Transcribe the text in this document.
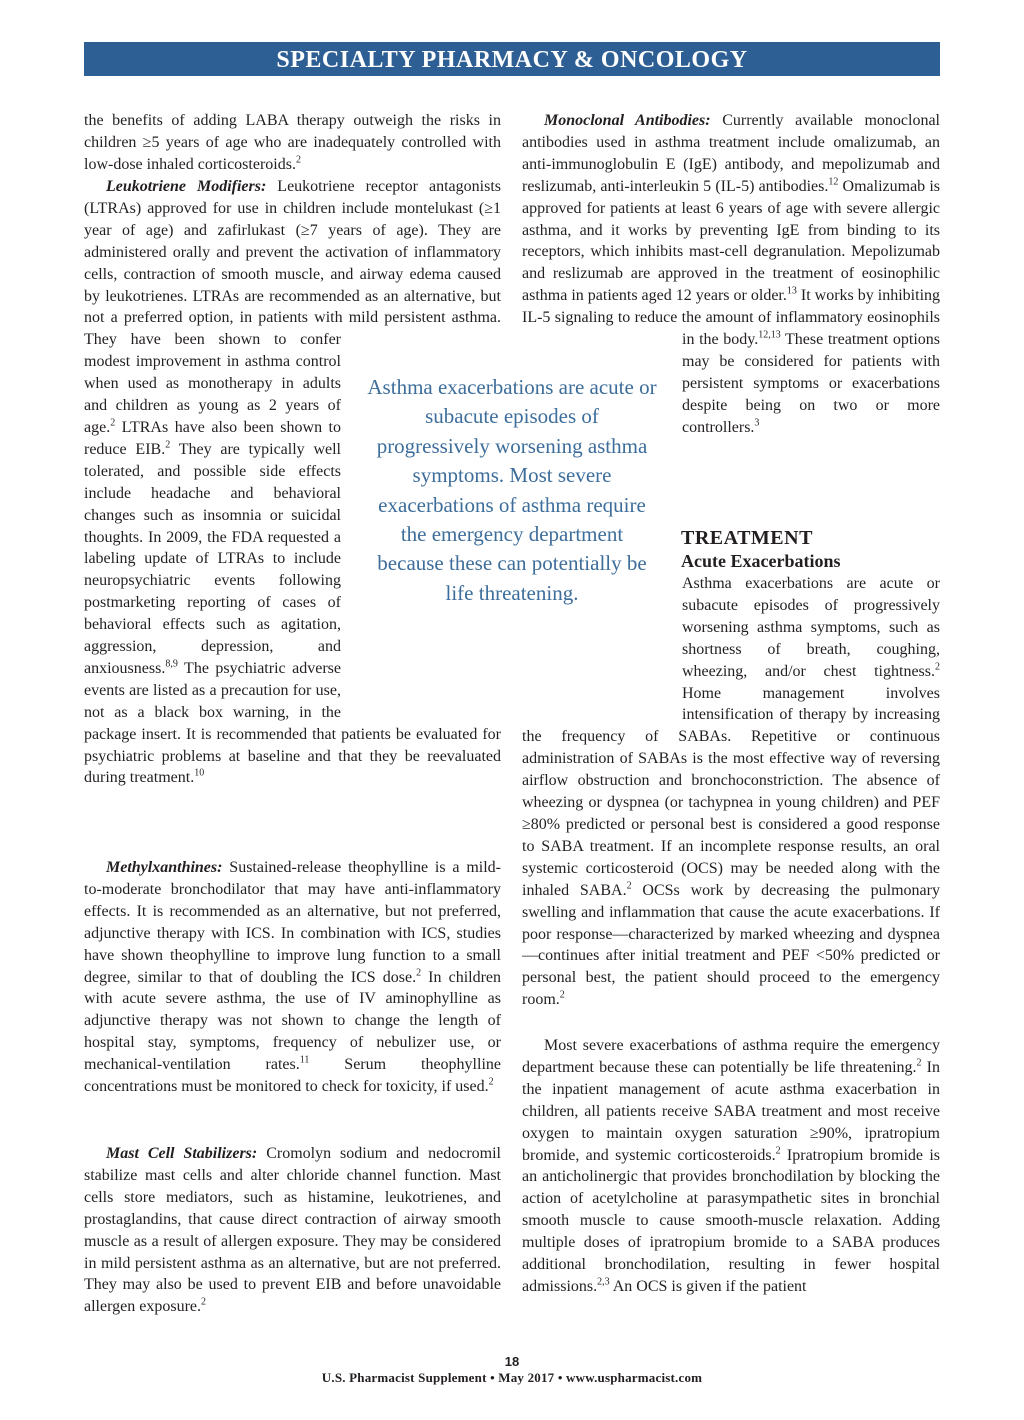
SPECIALTY PHARMACY & ONCOLOGY

the benefits of adding LABA therapy outweigh the risks in children ≥5 years of age who are inadequately controlled with low-dose inhaled corticosteroids.$^2$

Leukotriene Modifiers: Leukotriene receptor antagonists (LTRAs) approved for use in children include montelukast (≥1 year of age) and zafirlukast (≥7 years of age). They are administered orally and prevent the activation of inflammatory cells, contraction of smooth muscle, and airway edema caused by leukotrienes. LTRAs are recommended as an alternative, but not a preferred option, in patients with mild persistent asthma. They have been shown to confer modest improvement in asthma control when used as monotherapy in adults and children as young as 2 years of age.$^2$ LTRAs have also been shown to reduce EIB.$^2$ They are typically well tolerated, and possible side effects include headache and behavioral changes such as insomnia or suicidal thoughts. In 2009, the FDA requested a labeling update of LTRAs to include neuropsychiatric events following postmarketing reporting of cases of behavioral effects such as agitation, aggression, depression, and anxiousness.$^{8,9}$ The psychiatric adverse events are listed as a precaution for use, not as a black box warning, in the package insert. It is recommended that patients be evaluated for psychiatric problems at baseline and that they be reevaluated during treatment.$^{10}$

Methylxanthines: Sustained-release theophylline is a mild-to-moderate bronchodilator that may have anti-inflammatory effects. It is recommended as an alternative, but not preferred, adjunctive therapy with ICS. In combination with ICS, studies have shown theophylline to improve lung function to a small degree, similar to that of doubling the ICS dose.$^2$ In children with acute severe asthma, the use of IV aminophylline as adjunctive therapy was not shown to change the length of hospital stay, symptoms, frequency of nebulizer use, or mechanical-ventilation rates.$^{11}$ Serum theophylline concentrations must be monitored to check for toxicity, if used.$^2$

Mast Cell Stabilizers: Cromolyn sodium and nedocromil stabilize mast cells and alter chloride channel function. Mast cells store mediators, such as histamine, leukotrienes, and prostaglandins, that cause direct contraction of airway smooth muscle as a result of allergen exposure. They may be considered in mild persistent asthma as an alternative, but are not preferred. They may also be used to prevent EIB and before unavoidable allergen exposure.$^2$

Asthma exacerbations are acute or subacute episodes of progressively worsening asthma symptoms. Most severe exacerbations of asthma require the emergency department because these can potentially be life threatening.

Monoclonal Antibodies: Currently available monoclonal antibodies used in asthma treatment include omalizumab, an anti-immunoglobulin E (IgE) antibody, and mepolizumab and reslizumab, anti-interleukin 5 (IL-5) antibodies.$^{12}$ Omalizumab is approved for patients at least 6 years of age with severe allergic asthma, and it works by preventing IgE from binding to its receptors, which inhibits mast-cell degranulation. Mepolizumab and reslizumab are approved in the treatment of eosinophilic asthma in patients aged 12 years or older.$^{13}$ It works by inhibiting IL-5 signaling to reduce the amount of inflammatory eosinophils in the body.$^{12,13}$ These treatment options may be considered for patients with persistent symptoms or exacerbations despite being on two or more controllers.$^3$

TREATMENT
Acute Exacerbations

Asthma exacerbations are acute or subacute episodes of progressively worsening asthma symptoms, such as shortness of breath, coughing, wheezing, and/or chest tightness.$^2$ Home management involves intensification of therapy by increasing the frequency of SABAs. Repetitive or continuous administration of SABAs is the most effective way of reversing airflow obstruction and bronchoconstriction. The absence of wheezing or dyspnea (or tachypnea in young children) and PEF ≥80% predicted or personal best is considered a good response to SABA treatment. If an incomplete response results, an oral systemic corticosteroid (OCS) may be needed along with the inhaled SABA.$^2$ OCSs work by decreasing the pulmonary swelling and inflammation that cause the acute exacerbations. If poor response—characterized by marked wheezing and dyspnea—continues after initial treatment and PEF <50% predicted or personal best, the patient should proceed to the emergency room.$^2$

Most severe exacerbations of asthma require the emergency department because these can potentially be life threatening.$^2$ In the inpatient management of acute asthma exacerbation in children, all patients receive SABA treatment and most receive oxygen to maintain oxygen saturation ≥90%, ipratropium bromide, and systemic corticosteroids.$^2$ Ipratropium bromide is an anticholinergic that provides bronchodilation by blocking the action of acetylcholine at parasympathetic sites in bronchial smooth muscle to cause smooth-muscle relaxation. Adding multiple doses of ipratropium bromide to a SABA produces additional bronchodilation, resulting in fewer hospital admissions.$^{2,3}$ An OCS is given if the patient

18
U.S. Pharmacist Supplement • May 2017 • www.uspharmacist.com
